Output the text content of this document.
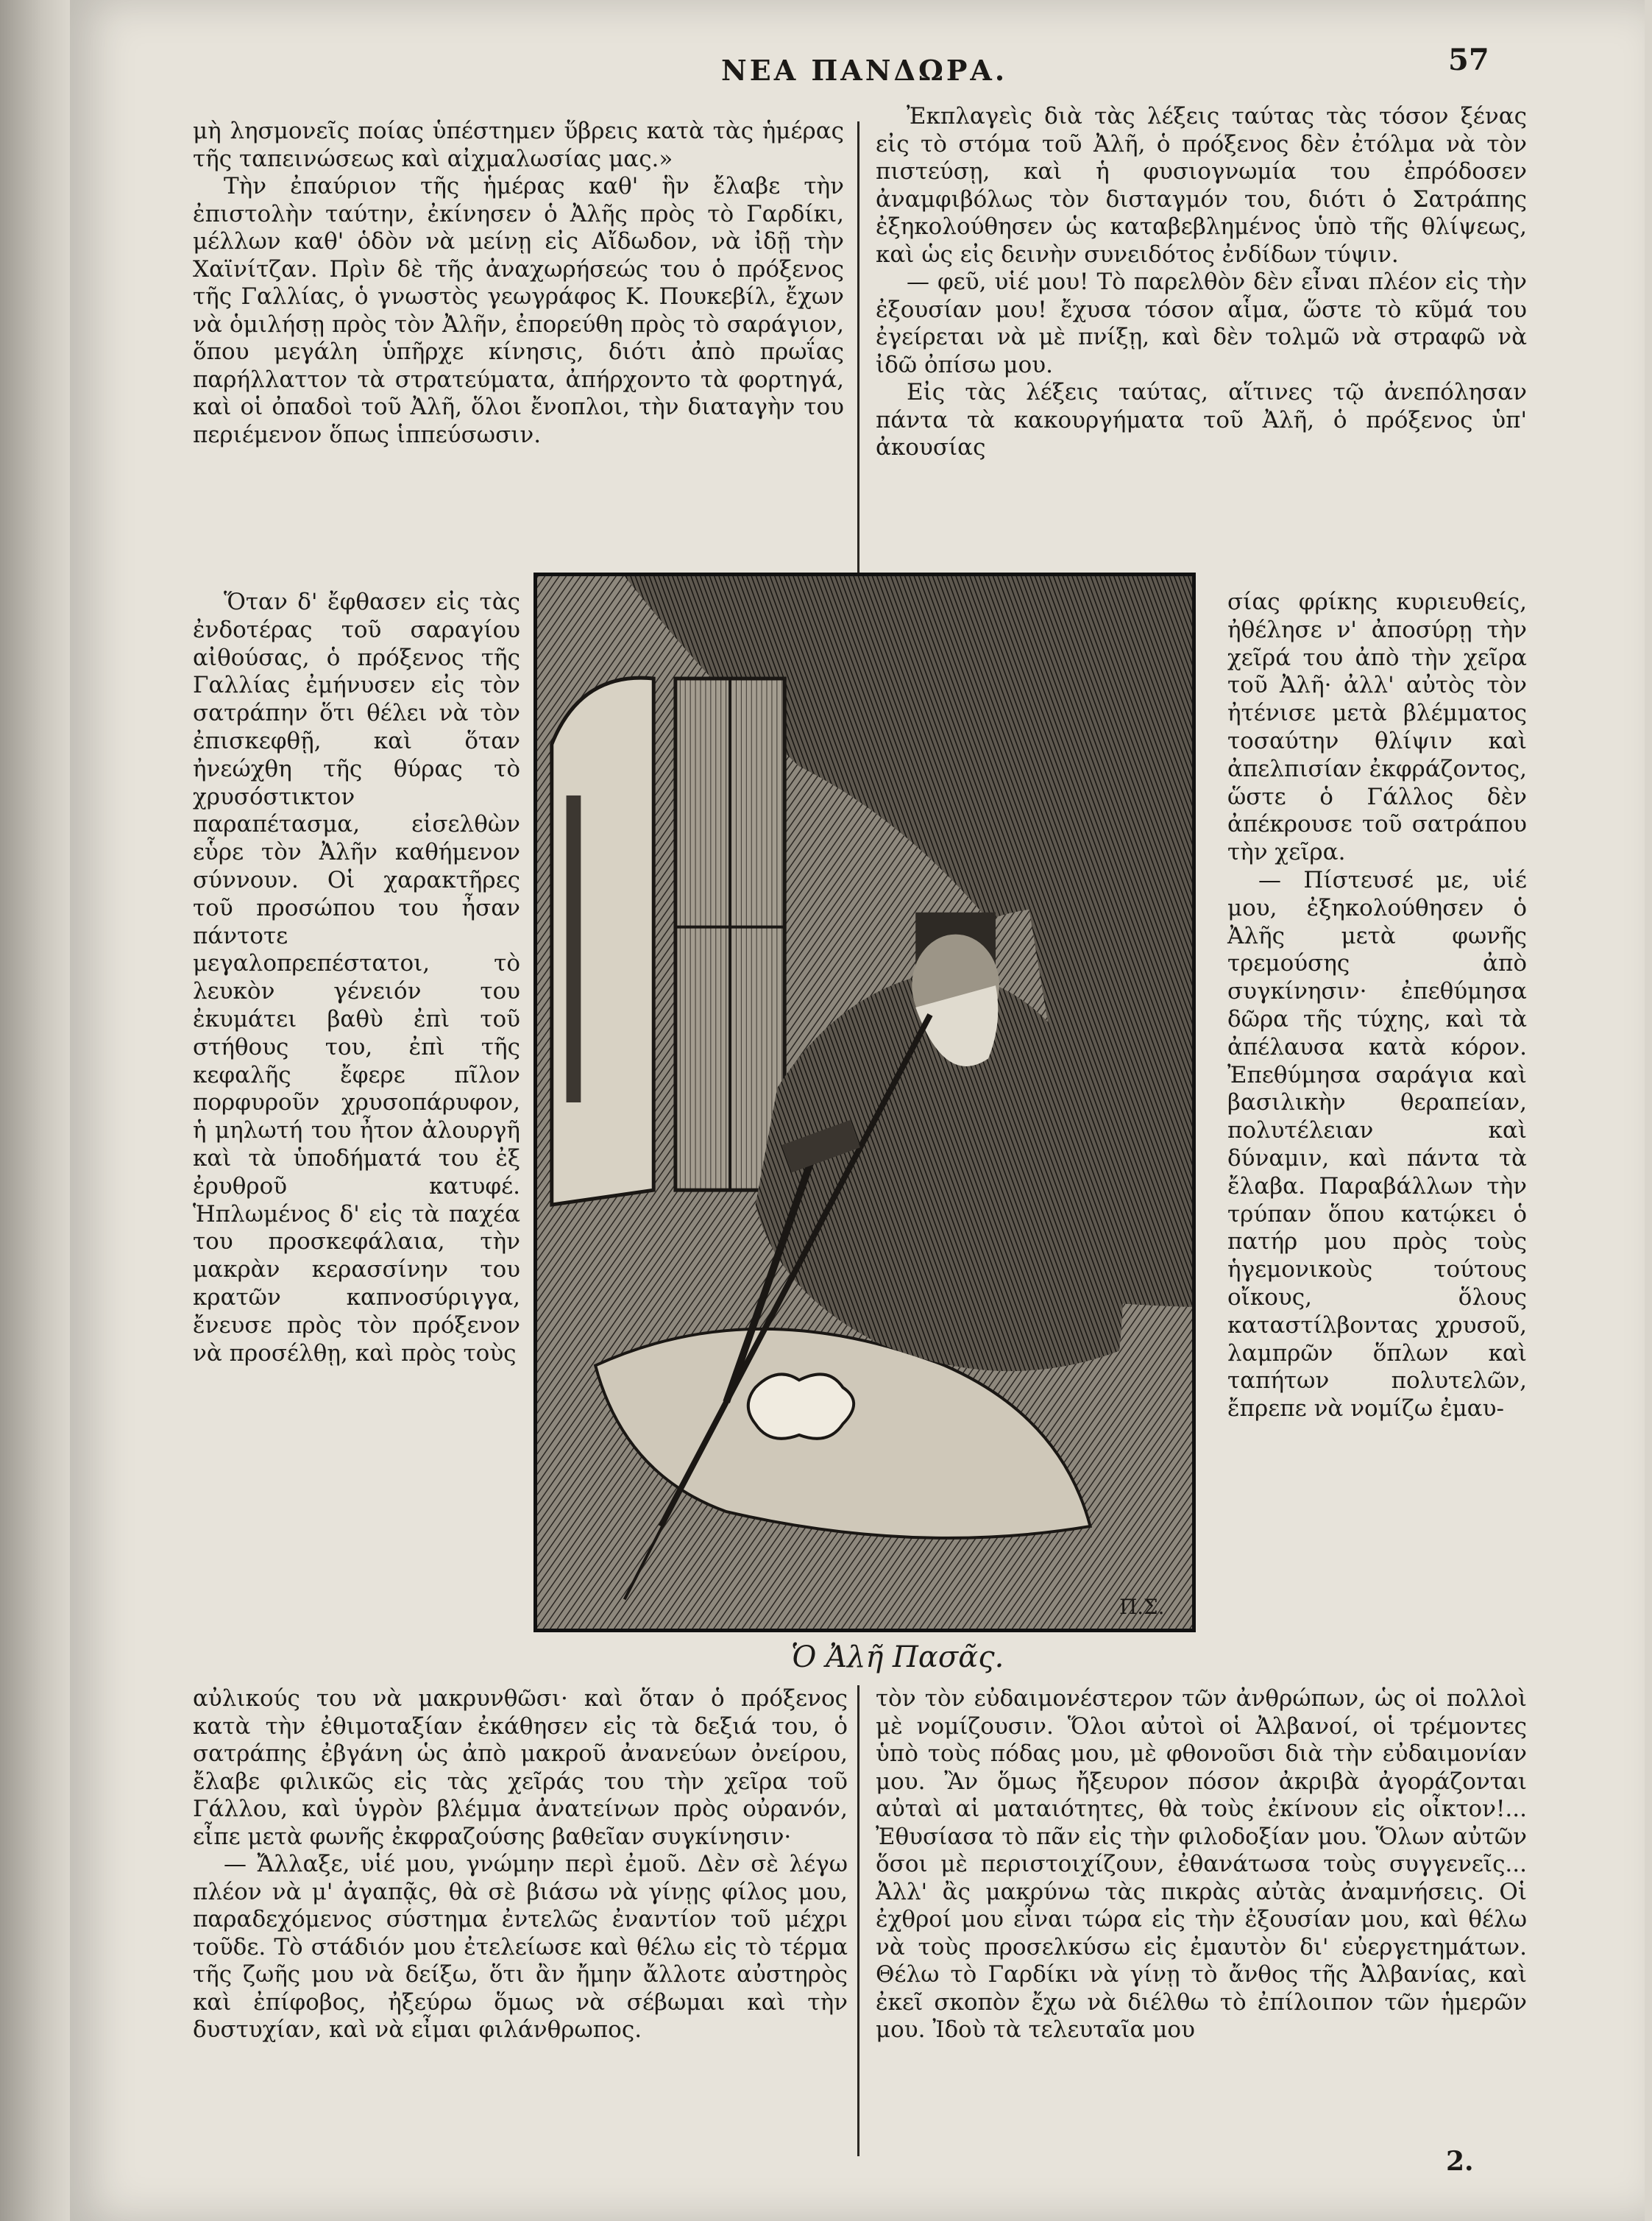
ΝΕΑ ΠΑΝΔΩΡΑ.	57

μὴ λησμονεῖς ποίας ὑπέστημεν ὕβρεις κατὰ τὰς ἡμέρας τῆς ταπεινώσεως καὶ αἰχμαλωσίας μας.»

Τὴν ἐπαύριον τῆς ἡμέρας καθ' ἣν ἔλαβε τὴν ἐπιστολὴν ταύτην, ἐκίνησεν ὁ Ἀλῆς πρὸς τὸ Γαρδίκι, μέλλων καθ' ὁδὸν νὰ μείνῃ εἰς Αἴδωδον, νὰ ἰδῇ τὴν Χαϊνίτζαν. Πρὶν δὲ τῆς ἀναχωρήσεώς του ὁ πρόξενος τῆς Γαλλίας, ὁ γνωστὸς γεωγράφος Κ. Πουκεβίλ, ἔχων νὰ ὁμιλήσῃ πρὸς τὸν Ἀλῆν, ἐπορεύθη πρὸς τὸ σαράγιον, ὅπου μεγάλη ὑπῆρχε κίνησις, διότι ἀπὸ πρωΐας παρήλλαττον τὰ στρατεύματα, ἀπήρχοντο τὰ φορτηγά, καὶ οἱ ὀπαδοὶ τοῦ Ἀλῆ, ὅλοι ἔνοπλοι, τὴν διαταγὴν του περιέμενον ὅπως ἱππεύσωσιν.

Ἐκπλαγεὶς διὰ τὰς λέξεις ταύτας τὰς τόσον ξένας εἰς τὸ στόμα τοῦ Ἀλῆ, ὁ πρόξενος δὲν ἐτόλμα νὰ τὸν πιστεύσῃ, καὶ ἡ φυσιογνωμία του ἐπρόδοσεν ἀναμφιβόλως τὸν δισταγμόν του, διότι ὁ Σατράπης ἐξηκολούθησεν ὡς καταβεβλημένος ὑπὸ τῆς θλίψεως, καὶ ὡς εἰς δεινὴν συνειδότος ἐνδίδων τύψιν.

— φεῦ, υἱέ μου! Τὸ παρελθὸν δὲν εἶναι πλέον εἰς τὴν ἐξουσίαν μου! ἔχυσα τόσον αἷμα, ὥστε τὸ κῦμά του ἐγείρεται νὰ μὲ πνίξῃ, καὶ δὲν τολμῶ νὰ στραφῶ νὰ ἰδῶ ὀπίσω μου.

Εἰς τὰς λέξεις ταύτας, αἵτινες τῷ ἀνεπόλησαν πάντα τὰ κακουργήματα τοῦ Ἀλῆ, ὁ πρόξενος ὑπ' ἀκουσίας

Ὅταν δ' ἔφθασεν εἰς τὰς ἐνδοτέρας τοῦ σαραγίου αἰθούσας, ὁ πρόξενος τῆς Γαλλίας ἐμήνυσεν εἰς τὸν σατράπην ὅτι θέλει νὰ τὸν ἐπισκεφθῇ, καὶ ὅταν ἠνεώχθη τῆς θύρας τὸ χρυσόστικτον παραπέτασμα, εἰσελθὼν εὗρε τὸν Ἀλῆν καθήμενον σύννουν. Οἱ χαρακτῆρες τοῦ προσώπου του ἦσαν πάντοτε μεγαλοπρεπέστατοι, τὸ λευκὸν γένειόν του ἐκυμάτει βαθὺ ἐπὶ τοῦ στήθους του, ἐπὶ τῆς κεφαλῆς ἔφερε πῖλον πορφυροῦν χρυσοπάρυφον, ἡ μηλωτή του ἦτον ἀλουργῆ καὶ τὰ ὑποδήματά του ἐξ ἐρυθροῦ κατυφέ. Ἡπλωμένος δ' εἰς τὰ παχέα του προσκεφάλαια, τὴν μακρὰν κερασσίνην του κρατῶν καπνοσύριγγα, ἔνευσε πρὸς τὸν πρόξενον νὰ προσέλθῃ, καὶ πρὸς τοὺς

Π.Σ.
Ὁ Ἀλῆ Πασᾶς.

σίας φρίκης κυριευθείς, ἠθέλησε ν' ἀποσύρῃ τὴν χεῖρά του ἀπὸ τὴν χεῖρα τοῦ Ἀλῆ· ἀλλ' αὐτὸς τὸν ἠτένισε μετὰ βλέμματος τοσαύτην θλίψιν καὶ ἀπελπισίαν ἐκφράζοντος, ὥστε ὁ Γάλλος δὲν ἀπέκρουσε τοῦ σατράπου τὴν χεῖρα.

— Πίστευσέ με, υἱέ μου, ἐξηκολούθησεν ὁ Ἀλῆς μετὰ φωνῆς τρεμούσης ἀπὸ συγκίνησιν· ἐπεθύμησα δῶρα τῆς τύχης, καὶ τὰ ἀπέλαυσα κατὰ κόρον. Ἐπεθύμησα σαράγια καὶ βασιλικὴν θεραπείαν, πολυτέλειαν καὶ δύναμιν, καὶ πάντα τὰ ἔλαβα. Παραβάλλων τὴν τρύπαν ὅπου κατῴκει ὁ πατήρ μου πρὸς τοὺς ἡγεμονικοὺς τούτους οἴκους, ὅλους καταστίλβοντας χρυσοῦ, λαμπρῶν ὅπλων καὶ ταπήτων πολυτελῶν, ἔπρεπε νὰ νομίζω ἐμαυ-

αὐλικούς του νὰ μακρυνθῶσι· καὶ ὅταν ὁ πρόξενος κατὰ τὴν ἐθιμοταξίαν ἐκάθησεν εἰς τὰ δεξιά του, ὁ σατράπης ἐβγάνη ὡς ἀπὸ μακροῦ ἀνανεύων ὀνείρου, ἔλαβε φιλικῶς εἰς τὰς χεῖράς του τὴν χεῖρα τοῦ Γάλλου, καὶ ὑγρὸν βλέμμα ἀνατείνων πρὸς οὐρανόν, εἶπε μετὰ φωνῆς ἐκφραζούσης βαθεῖαν συγκίνησιν·

— Ἄλλαξε, υἱέ μου, γνώμην περὶ ἐμοῦ. Δὲν σὲ λέγω πλέον νὰ μ' ἀγαπᾷς, θὰ σὲ βιάσω νὰ γίνῃς φίλος μου, παραδεχόμενος σύστημα ἐντελῶς ἐναντίον τοῦ μέχρι τοῦδε. Τὸ στάδιόν μου ἐτελείωσε καὶ θέλω εἰς τὸ τέρμα τῆς ζωῆς μου νὰ δείξω, ὅτι ἂν ἤμην ἄλλοτε αὐστηρὸς καὶ ἐπίφοβος, ἠξεύρω ὅμως νὰ σέβωμαι καὶ τὴν δυστυχίαν, καὶ νὰ εἶμαι φιλάνθρωπος.

τὸν τὸν εὐδαιμονέστερον τῶν ἀνθρώπων, ὡς οἱ πολλοὶ μὲ νομίζουσιν. Ὅλοι αὐτοὶ οἱ Ἀλβανοί, οἱ τρέμοντες ὑπὸ τοὺς πόδας μου, μὲ φθονοῦσι διὰ τὴν εὐδαιμονίαν μου. Ἂν ὅμως ἤξευρον πόσον ἀκριβὰ ἀγοράζονται αὐταὶ αἱ ματαιότητες, θὰ τοὺς ἐκίνουν εἰς οἶκτον!... Ἐθυσίασα τὸ πᾶν εἰς τὴν φιλοδοξίαν μου. Ὅλων αὐτῶν ὅσοι μὲ περιστοιχίζουν, ἐθανάτωσα τοὺς συγγενεῖς... Ἀλλ' ἂς μακρύνω τὰς πικρὰς αὐτὰς ἀναμνήσεις. Οἱ ἐχθροί μου εἶναι τώρα εἰς τὴν ἐξουσίαν μου, καὶ θέλω νὰ τοὺς προσελκύσω εἰς ἐμαυτὸν δι' εὐεργετημάτων. Θέλω τὸ Γαρδίκι νὰ γίνῃ τὸ ἄνθος τῆς Ἀλβανίας, καὶ ἐκεῖ σκοπὸν ἔχω νὰ διέλθω τὸ ἐπίλοιπον τῶν ἡμερῶν μου. Ἰδοὺ τὰ τελευταῖα μου

2.
